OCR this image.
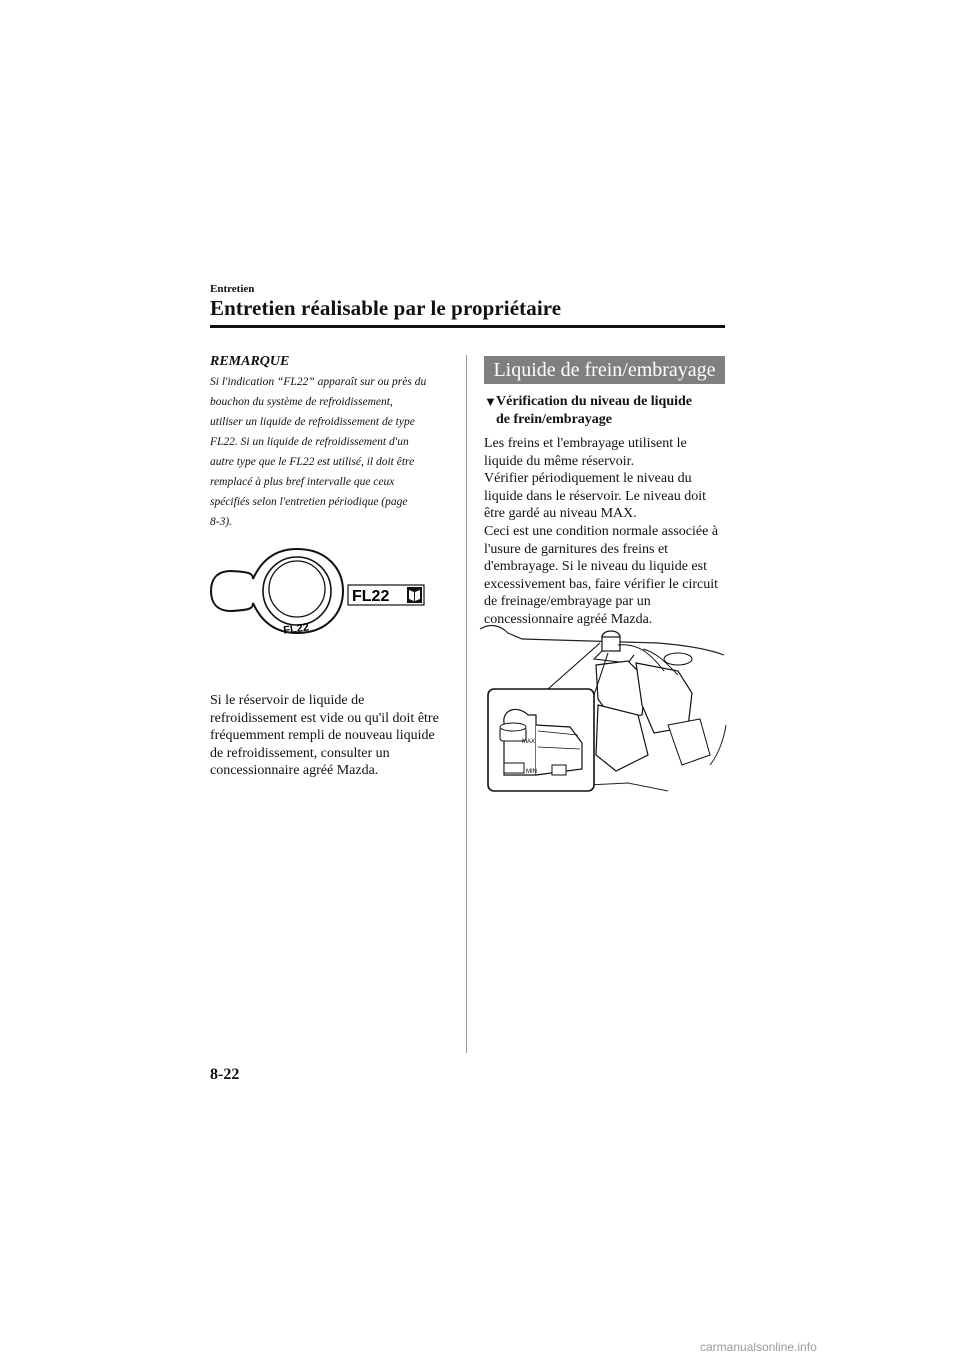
Entretien
Entretien réalisable par le propriétaire
REMARQUE
Si l'indication “FL22” apparaît sur ou près du
bouchon du système de refroidissement,
utiliser un liquide de refroidissement de type
FL22. Si un liquide de refroidissement d'un
autre type que le FL22 est utilisé, il doit être
remplacé à plus bref intervalle que ceux
spécifiés selon l'entretien périodique (page
8-3).
FL22
FL22
Si le réservoir de liquide de
refroidissement est vide ou qu'il doit être
fréquemment rempli de nouveau liquide
de refroidissement, consulter un
concessionnaire agréé Mazda.
Liquide de frein/embrayage
▼ Vérification du niveau de liquide
de frein/embrayage
Les freins et l'embrayage utilisent le
liquide du même réservoir.
Vérifier périodiquement le niveau du
liquide dans le réservoir. Le niveau doit
être gardé au niveau MAX.
Ceci est une condition normale associée à
l'usure de garnitures des freins et
d'embrayage. Si le niveau du liquide est
excessivement bas, faire vérifier le circuit
de freinage/embrayage par un
concessionnaire agréé Mazda.
MAX
MIN
8-22
carmanualsonline.info
